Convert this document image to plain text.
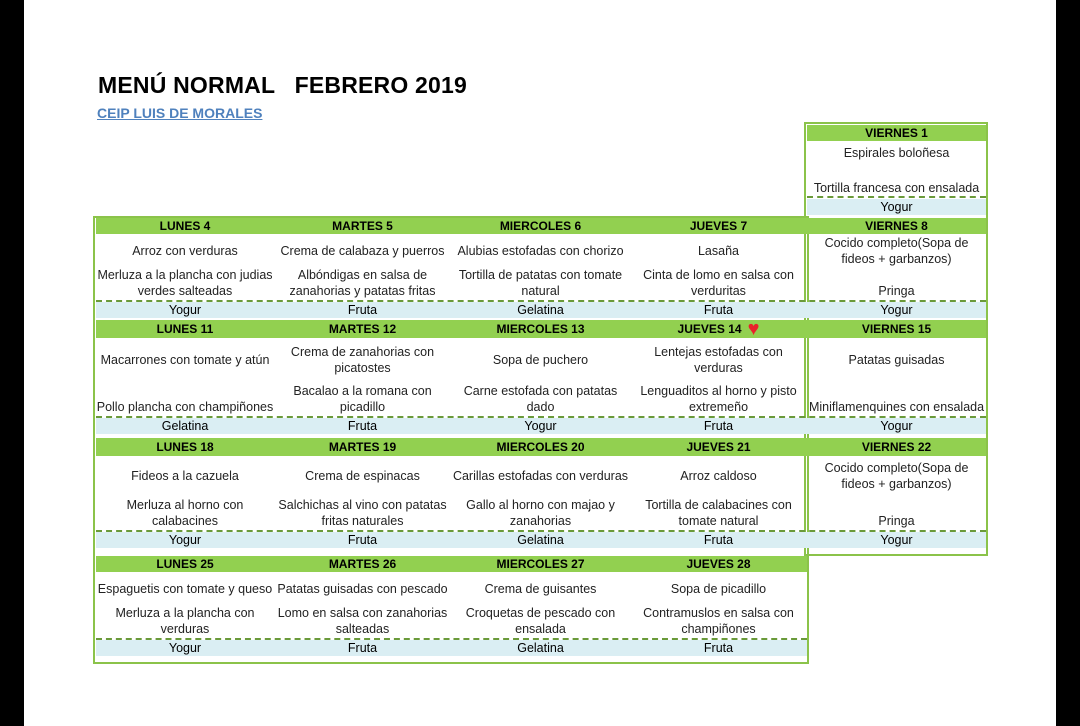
MENÚ NORMAL   FEBRERO 2019
CEIP LUIS DE MORALES
VIERNES 1
Espirales boloñesa
Tortilla francesa con ensalada
Yogur
LUNES 4
Arroz con verduras
Merluza a la plancha con judias verdes salteadas
Yogur
MARTES 5
Crema de calabaza y puerros
Albóndigas en salsa de zanahorias y patatas fritas
Fruta
MIERCOLES 6
Alubias estofadas con chorizo
Tortilla de patatas con tomate natural
Gelatina
JUEVES 7
Lasaña
Cinta de lomo en salsa con verduritas
Fruta
VIERNES 8
Cocido completo(Sopa de fideos + garbanzos)
Pringa
Yogur
LUNES 11
Macarrones con tomate y atún
Pollo plancha con champiñones
Gelatina
MARTES 12
Crema de zanahorias con picatostes
Bacalao a la romana con picadillo
Fruta
MIERCOLES 13
Sopa de puchero
Carne estofada con patatas dado
Yogur
JUEVES 14 ♥
Lentejas estofadas con verduras
Lenguaditos al horno y pisto extremeño
Fruta
VIERNES 15
Patatas guisadas
Miniflamenquines con ensalada
Yogur
LUNES 18
Fideos a la cazuela
Merluza al horno con calabacines
Yogur
MARTES 19
Crema de espinacas
Salchichas al vino con patatas fritas naturales
Fruta
MIERCOLES 20
Carillas estofadas con verduras
Gallo al horno con majao y zanahorias
Gelatina
JUEVES 21
Arroz caldoso
Tortilla de calabacines con tomate natural
Fruta
VIERNES 22
Cocido completo(Sopa de fideos + garbanzos)
Pringa
Yogur
LUNES 25
Espaguetis con tomate y queso
Merluza a la plancha con verduras
Yogur
MARTES 26
Patatas guisadas con pescado
Lomo en salsa con zanahorias salteadas
Fruta
MIERCOLES 27
Crema de guisantes
Croquetas de pescado con ensalada
Gelatina
JUEVES 28
Sopa de picadillo
Contramuslos en salsa con champiñones
Fruta
